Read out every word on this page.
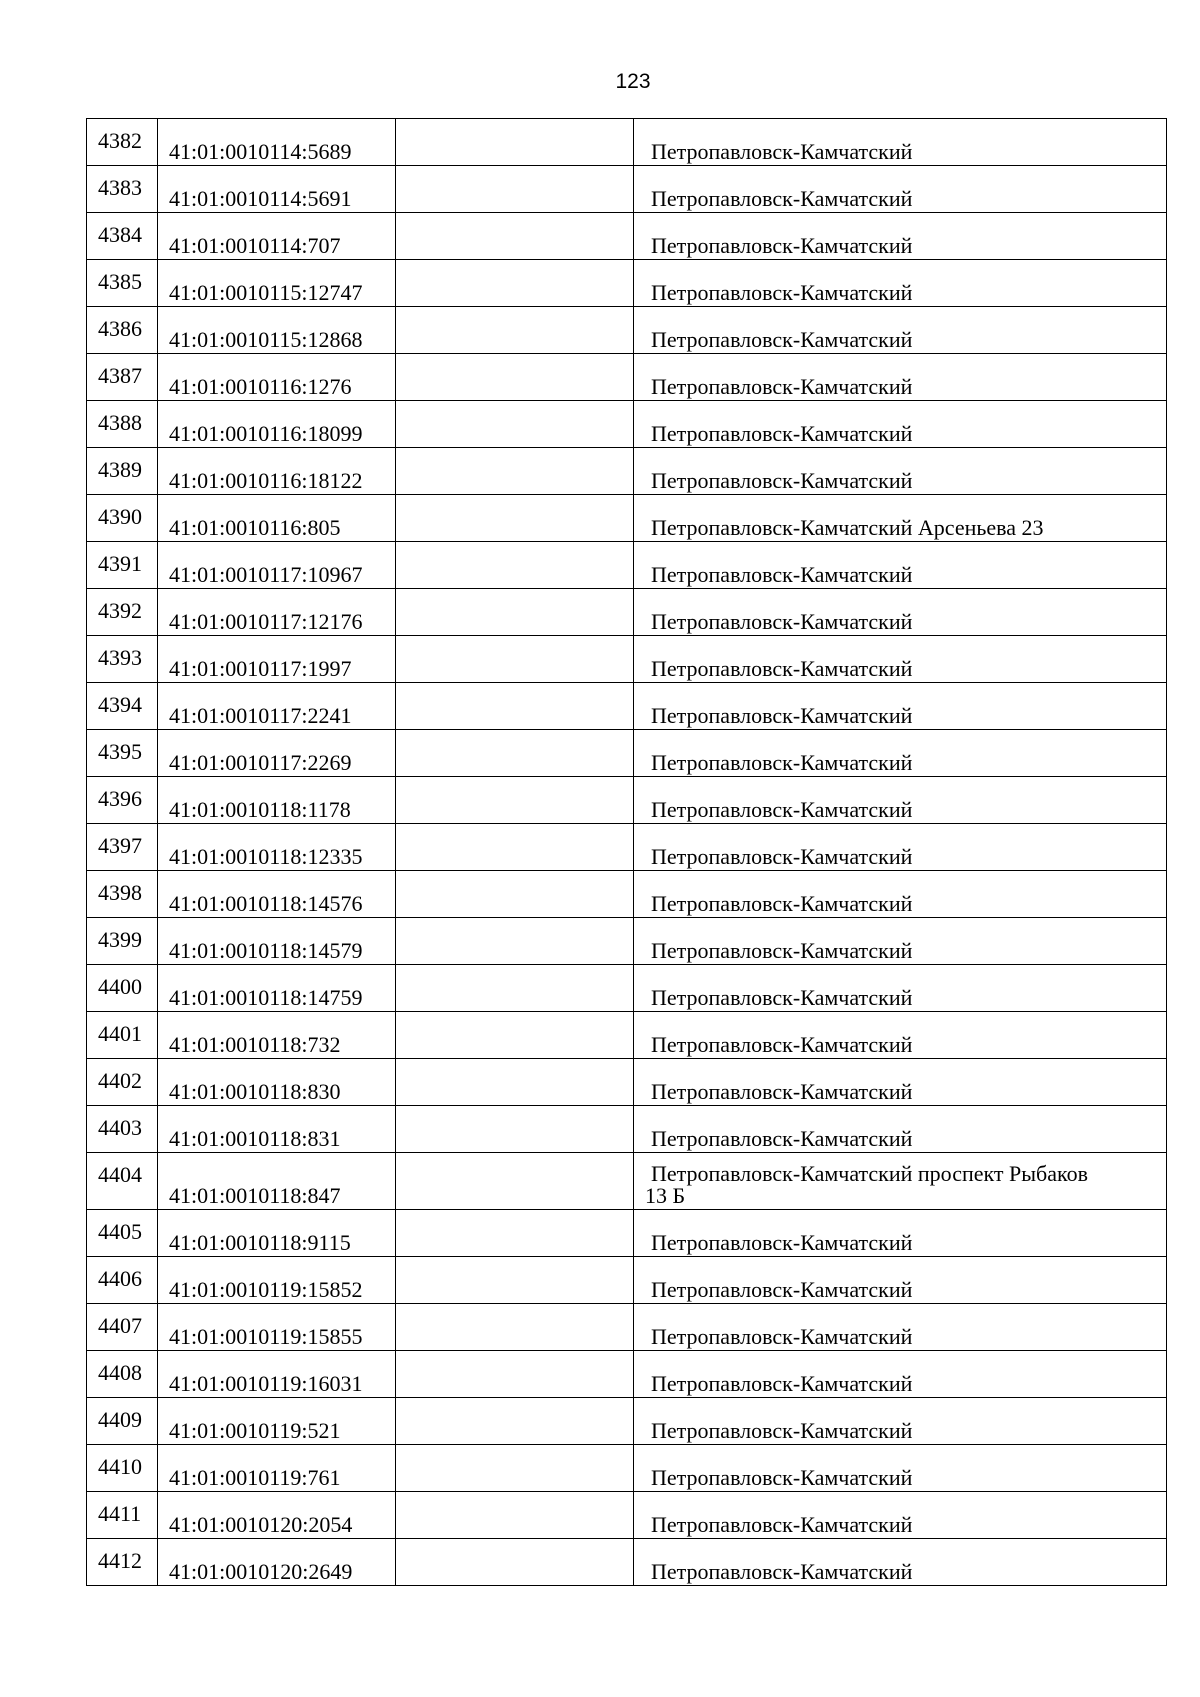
123
4382	41:01:0010114:5689		Петропавловск-Камчатский
4383	41:01:0010114:5691		Петропавловск-Камчатский
4384	41:01:0010114:707		Петропавловск-Камчатский
4385	41:01:0010115:12747		Петропавловск-Камчатский
4386	41:01:0010115:12868		Петропавловск-Камчатский
4387	41:01:0010116:1276		Петропавловск-Камчатский
4388	41:01:0010116:18099		Петропавловск-Камчатский
4389	41:01:0010116:18122		Петропавловск-Камчатский
4390	41:01:0010116:805		Петропавловск-Камчатский Арсеньева 23
4391	41:01:0010117:10967		Петропавловск-Камчатский
4392	41:01:0010117:12176		Петропавловск-Камчатский
4393	41:01:0010117:1997		Петропавловск-Камчатский
4394	41:01:0010117:2241		Петропавловск-Камчатский
4395	41:01:0010117:2269		Петропавловск-Камчатский
4396	41:01:0010118:1178		Петропавловск-Камчатский
4397	41:01:0010118:12335		Петропавловск-Камчатский
4398	41:01:0010118:14576		Петропавловск-Камчатский
4399	41:01:0010118:14579		Петропавловск-Камчатский
4400	41:01:0010118:14759		Петропавловск-Камчатский
4401	41:01:0010118:732		Петропавловск-Камчатский
4402	41:01:0010118:830		Петропавловск-Камчатский
4403	41:01:0010118:831		Петропавловск-Камчатский
4404	41:01:0010118:847		Петропавловск-Камчатский проспект Рыбаков
13 Б

4405	41:01:0010118:9115		Петропавловск-Камчатский
4406	41:01:0010119:15852		Петропавловск-Камчатский
4407	41:01:0010119:15855		Петропавловск-Камчатский
4408	41:01:0010119:16031		Петропавловск-Камчатский
4409	41:01:0010119:521		Петропавловск-Камчатский
4410	41:01:0010119:761		Петропавловск-Камчатский
4411	41:01:0010120:2054		Петропавловск-Камчатский
4412	41:01:0010120:2649		Петропавловск-Камчатский
